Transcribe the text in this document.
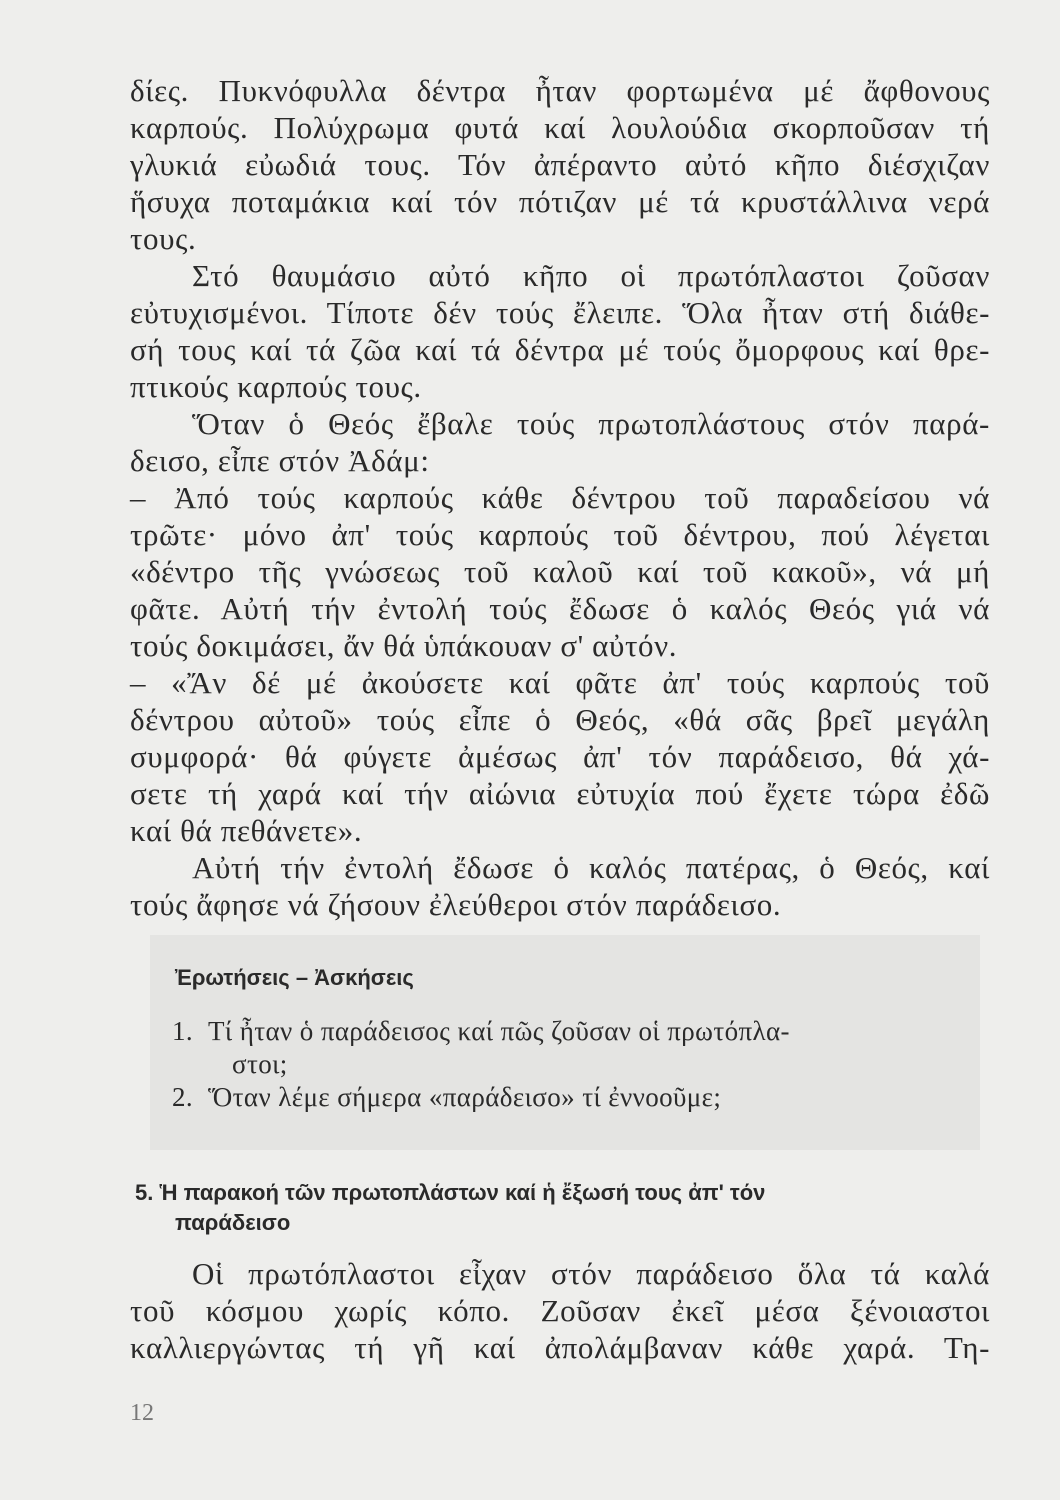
δίες. Πυκνόφυλλα δέντρα ἦταν φορτωμένα μέ ἄφθονους
καρπούς. Πολύχρωμα φυτά καί λουλούδια σκορποῦσαν τή
γλυκιά εὐωδιά τους. Τόν ἀπέραντο αὐτό κῆπο διέσχιζαν
ἥσυχα ποταμάκια καί τόν πότιζαν μέ τά κρυστάλλινα νερά
τους.
Στό θαυμάσιο αὐτό κῆπο οἱ πρωτόπλαστοι ζοῦσαν
εὐτυχισμένοι. Τίποτε δέν τούς ἔλειπε. Ὅλα ἦταν στή διάθε-
σή τους καί τά ζῶα καί τά δέντρα μέ τούς ὄμορφους καί θρε-
πτικούς καρπούς τους.
Ὅταν ὁ Θεός ἔβαλε τούς πρωτοπλάστους στόν παρά-
δεισο, εἶπε στόν Ἀδάμ:
– Ἀπό τούς καρπούς κάθε δέντρου τοῦ παραδείσου νά
τρῶτε· μόνο ἀπ' τούς καρπούς τοῦ δέντρου, πού λέγεται
«δέντρο τῆς γνώσεως τοῦ καλοῦ καί τοῦ κακοῦ», νά μή
φᾶτε. Αὐτή τήν ἐντολή τούς ἔδωσε ὁ καλός Θεός γιά νά
τούς δοκιμάσει, ἄν θά ὑπάκουαν σ' αὐτόν.
– «Ἄν δέ μέ ἀκούσετε καί φᾶτε ἀπ' τούς καρπούς τοῦ
δέντρου αὐτοῦ» τούς εἶπε ὁ Θεός, «θά σᾶς βρεῖ μεγάλη
συμφορά· θά φύγετε ἀμέσως ἀπ' τόν παράδεισο, θά χά-
σετε τή χαρά καί τήν αἰώνια εὐτυχία πού ἔχετε τώρα ἐδῶ
καί θά πεθάνετε».
Αὐτή τήν ἐντολή ἔδωσε ὁ καλός πατέρας, ὁ Θεός, καί
τούς ἄφησε νά ζήσουν ἐλεύθεροι στόν παράδεισο.
Ἐρωτήσεις – Ἀσκήσεις
1. Τί ἦταν ὁ παράδεισος καί πῶς ζοῦσαν οἱ πρωτόπλα-
στοι;
2. Ὅταν λέμε σήμερα «παράδεισο» τί ἐννοοῦμε;
5. Ἡ παρακοή τῶν πρωτοπλάστων καί ἡ ἔξωσή τους ἀπ' τόν
παράδεισο
Οἱ πρωτόπλαστοι εἶχαν στόν παράδεισο ὅλα τά καλά
τοῦ κόσμου χωρίς κόπο. Ζοῦσαν ἐκεῖ μέσα ξένοιαστοι
καλλιεργώντας τή γῆ καί ἀπολάμβαναν κάθε χαρά. Τη-
12
